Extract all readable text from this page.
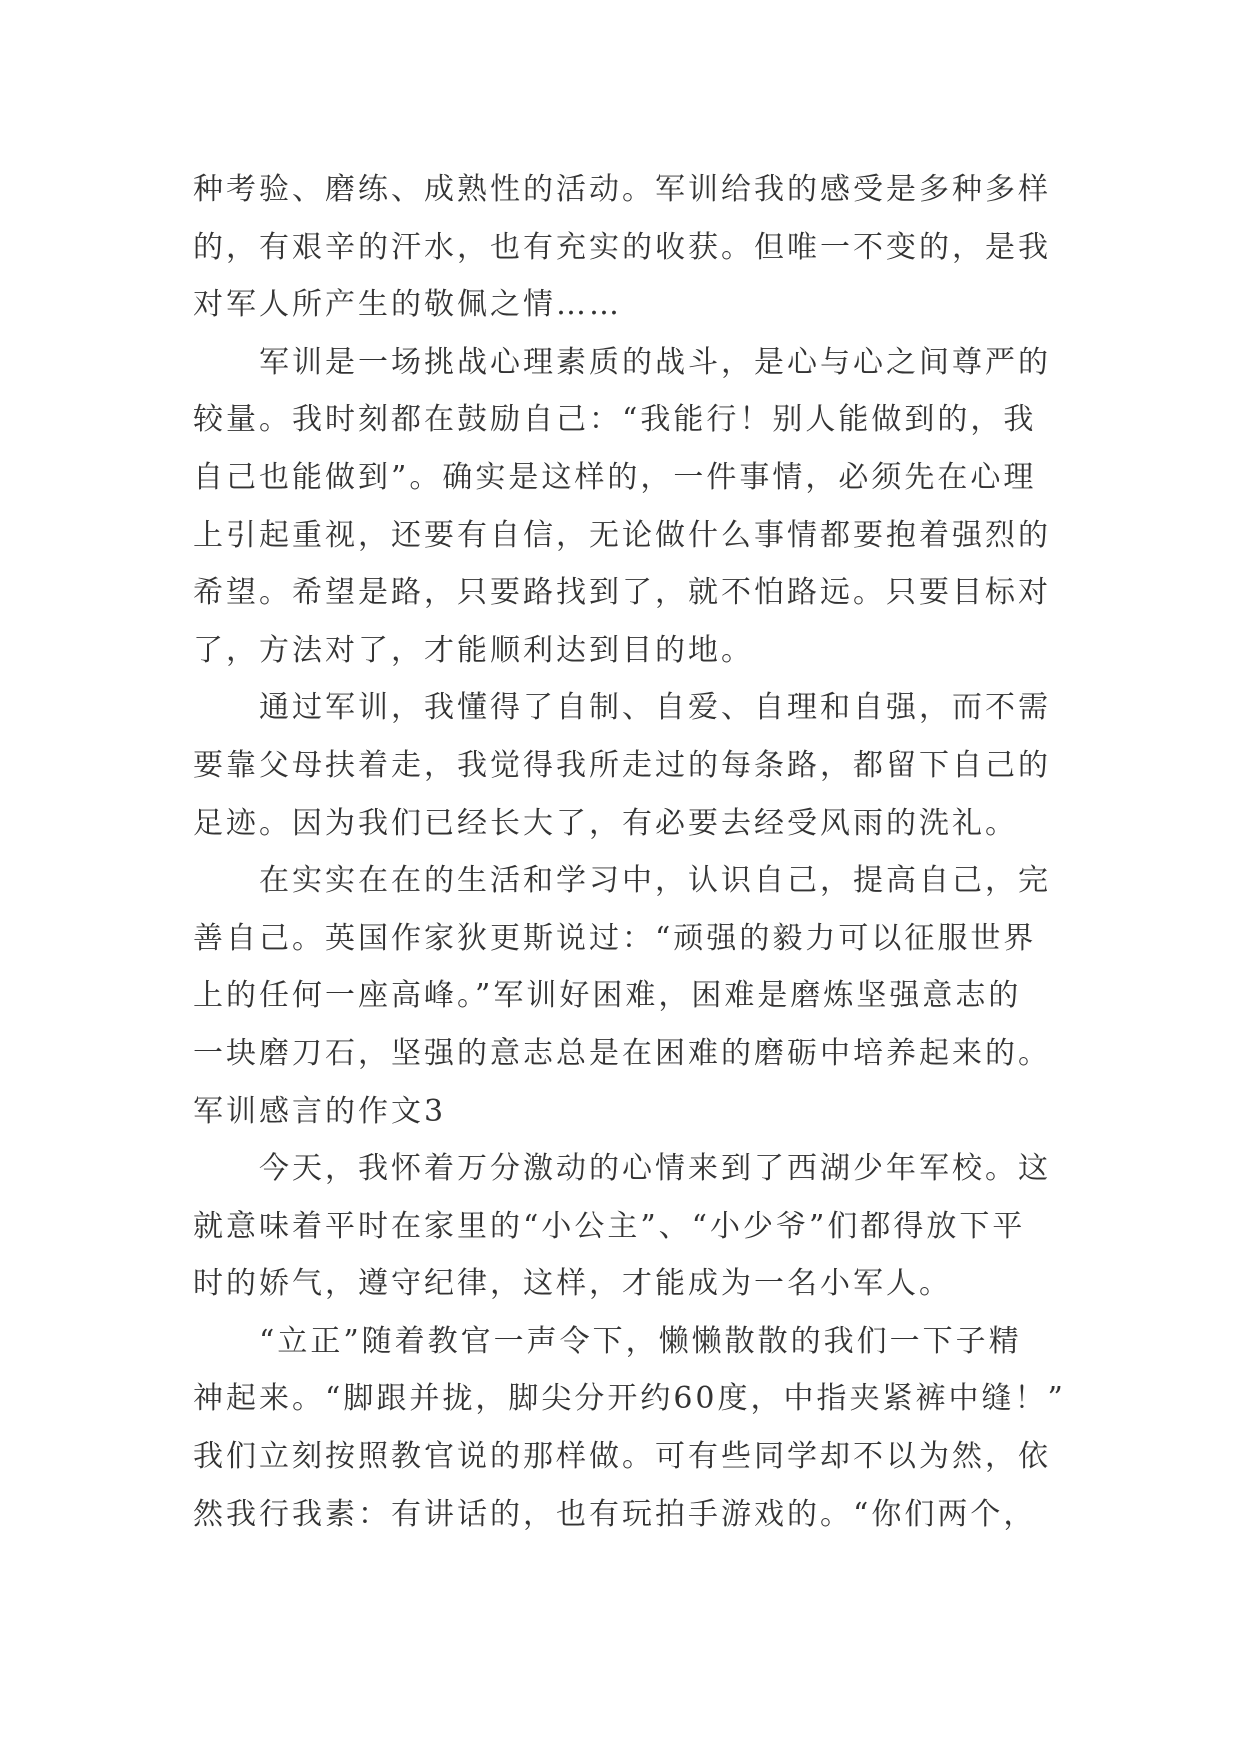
种考验、磨练、成熟性的活动。军训给我的感受是多种多样
的，有艰辛的汗水，也有充实的收获。但唯一不变的，是我
对军人所产生的敬佩之情……
　　军训是一场挑战心理素质的战斗，是心与心之间尊严的
较量。我时刻都在鼓励自己：“我能行！别人能做到的，我
自己也能做到”。确实是这样的，一件事情，必须先在心理
上引起重视，还要有自信，无论做什么事情都要抱着强烈的
希望。希望是路，只要路找到了，就不怕路远。只要目标对
了，方法对了，才能顺利达到目的地。
　　通过军训，我懂得了自制、自爱、自理和自强，而不需
要靠父母扶着走，我觉得我所走过的每条路，都留下自己的
足迹。因为我们已经长大了，有必要去经受风雨的洗礼。
　　在实实在在的生活和学习中，认识自己，提高自己，完
善自己。英国作家狄更斯说过：“顽强的毅力可以征服世界
上的任何一座高峰。”军训好困难，困难是磨炼坚强意志的
一块磨刀石，坚强的意志总是在困难的磨砺中培养起来的。
军训感言的作文3
　　今天，我怀着万分激动的心情来到了西湖少年军校。这
就意味着平时在家里的“小公主”、“小少爷”们都得放下平
时的娇气，遵守纪律，这样，才能成为一名小军人。
　　“立正”随着教官一声令下，懒懒散散的我们一下子精
神起来。“脚跟并拢，脚尖分开约60度，中指夹紧裤中缝！”
我们立刻按照教官说的那样做。可有些同学却不以为然，依
然我行我素：有讲话的，也有玩拍手游戏的。“你们两个，
